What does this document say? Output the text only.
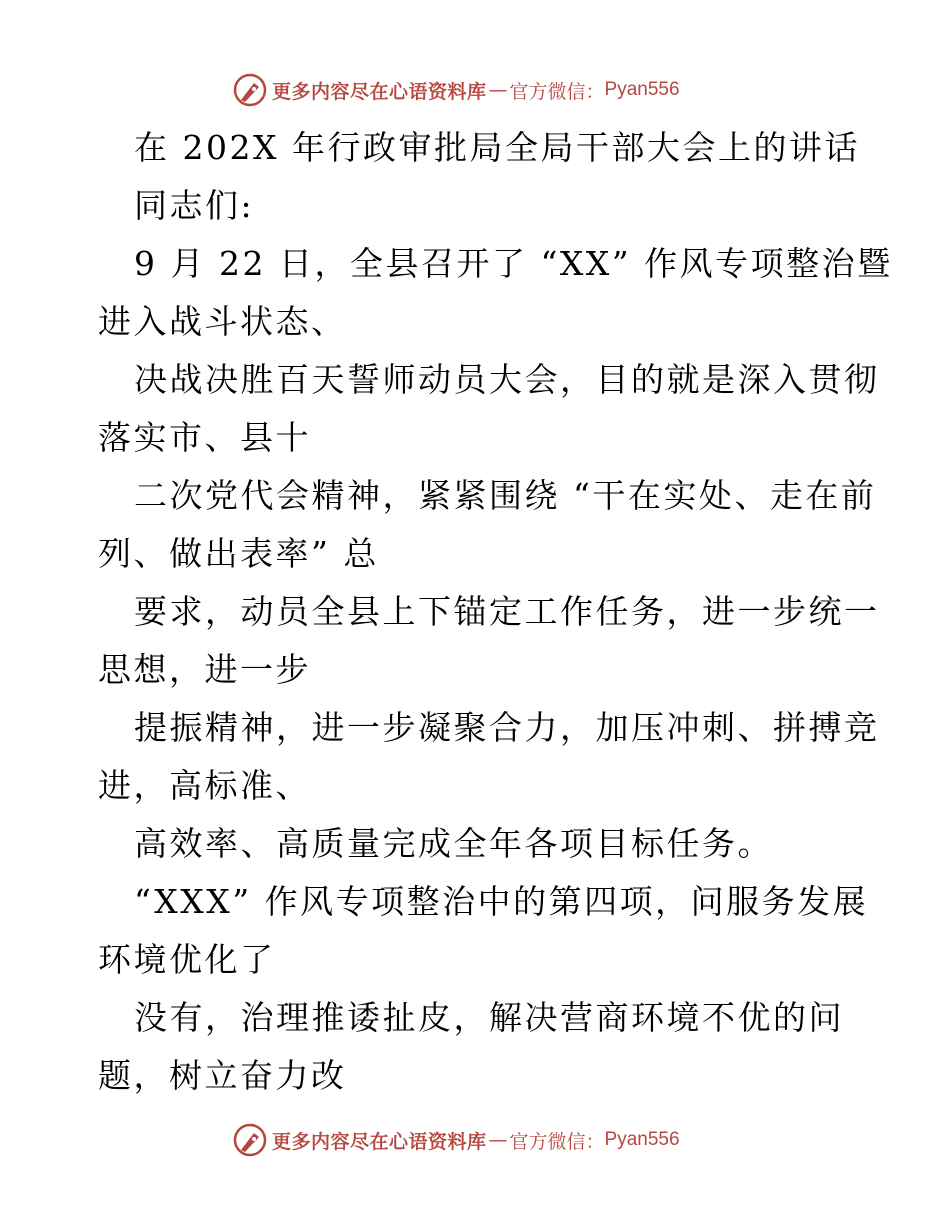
更多内容尽在心语资料库 — 官方微信： Pyan556

在 202X 年行政审批局全局干部大会上的讲话

同志们:

9 月 22 日，全县召开了 “XX” 作风专项整治暨

进入战斗状态、

决战决胜百天誓师动员大会，目的就是深入贯彻

落实市、县十

二次党代会精神，紧紧围绕 “干在实处、走在前

列、做出表率” 总

要求，动员全县上下锚定工作任务，进一步统一

思想，进一步

提振精神，进一步凝聚合力，加压冲刺、拼搏竞

进，高标准、

高效率、高质量完成全年各项目标任务。

“XXX” 作风专项整治中的第四项，问服务发展

环境优化了

没有，治理推诿扯皮，解决营商环境不优的问

题，树立奋力改

更多内容尽在心语资料库 — 官方微信： Pyan556
